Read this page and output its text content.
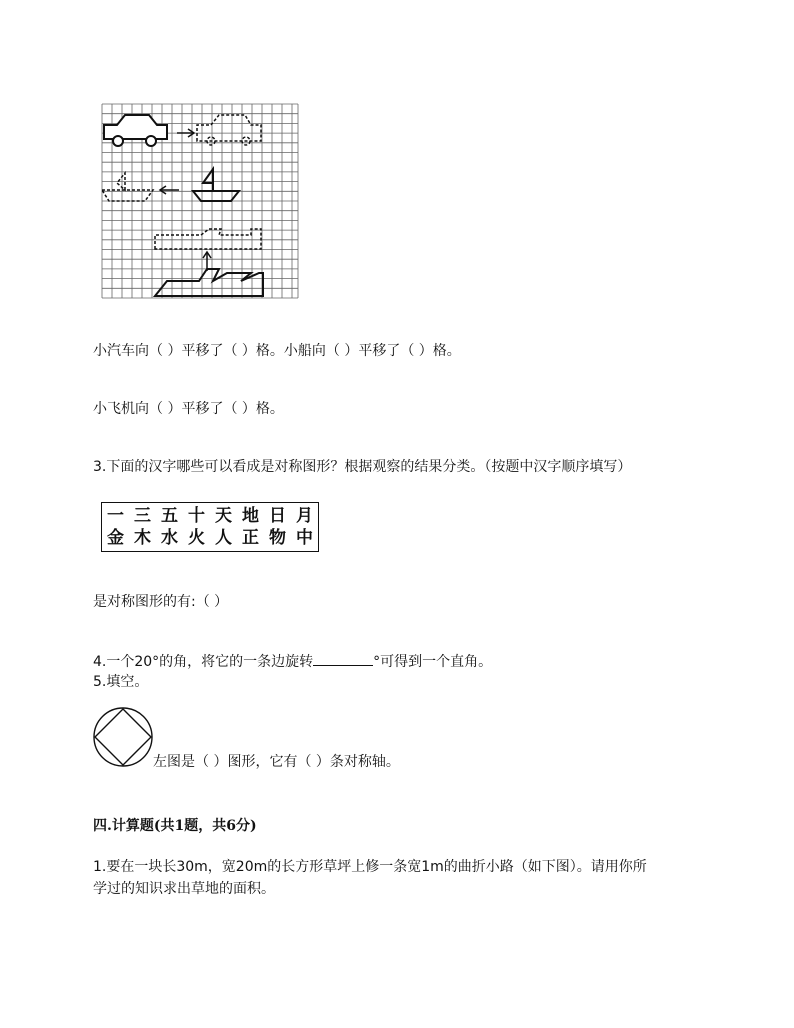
小汽车向（ ）平移了（ ）格。小船向（ ）平移了（ ）格。
小飞机向（ ）平移了（ ）格。
3.下面的汉字哪些可以看成是对称图形？根据观察的结果分类。（按题中汉字顺序填写）
一	三	五	十	天	地	日	月
金	木	水	火	人	正	物	中
是对称图形的有:（ ）
4.一个20°的角，将它的一条边旋转	°可得到一个直角。
5.填空。
左图是（ ）图形，它有（ ）条对称轴。
四.计算题(共1题，共6分)
1.要在一块长30m，宽20m的长方形草坪上修一条宽1m的曲折小路（如下图）。请用你所
学过的知识求出草地的面积。
